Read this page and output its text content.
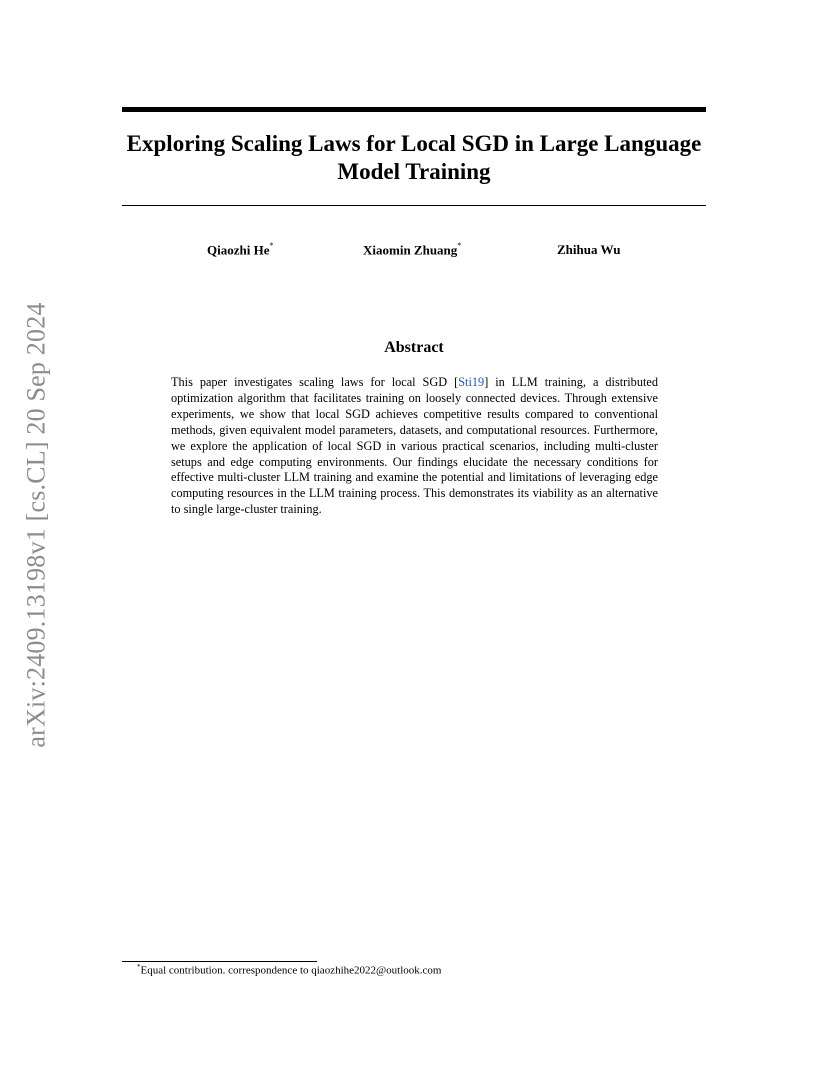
arXiv:2409.13198v1 [cs.CL] 20 Sep 2024
Exploring Scaling Laws for Local SGD in Large Language
Model Training
Qiaozhi He*	Xiaomin Zhuang*	Zhihua Wu
Abstract
This paper investigates scaling laws for local SGD [Sti19] in LLM training, a distributed optimization algorithm that facilitates training on loosely connected devices. Through extensive experiments, we show that local SGD achieves competitive results compared to conventional methods, given equivalent model parameters, datasets, and computational resources. Furthermore, we explore the application of local SGD in various practical scenarios, including multi-cluster setups and edge computing environments. Our findings elucidate the necessary conditions for effective multi-cluster LLM training and examine the potential and limitations of leveraging edge computing resources in the LLM training process. This demonstrates its viability as an alternative to single large-cluster training.
*Equal contribution. correspondence to qiaozhihe2022@outlook.com
